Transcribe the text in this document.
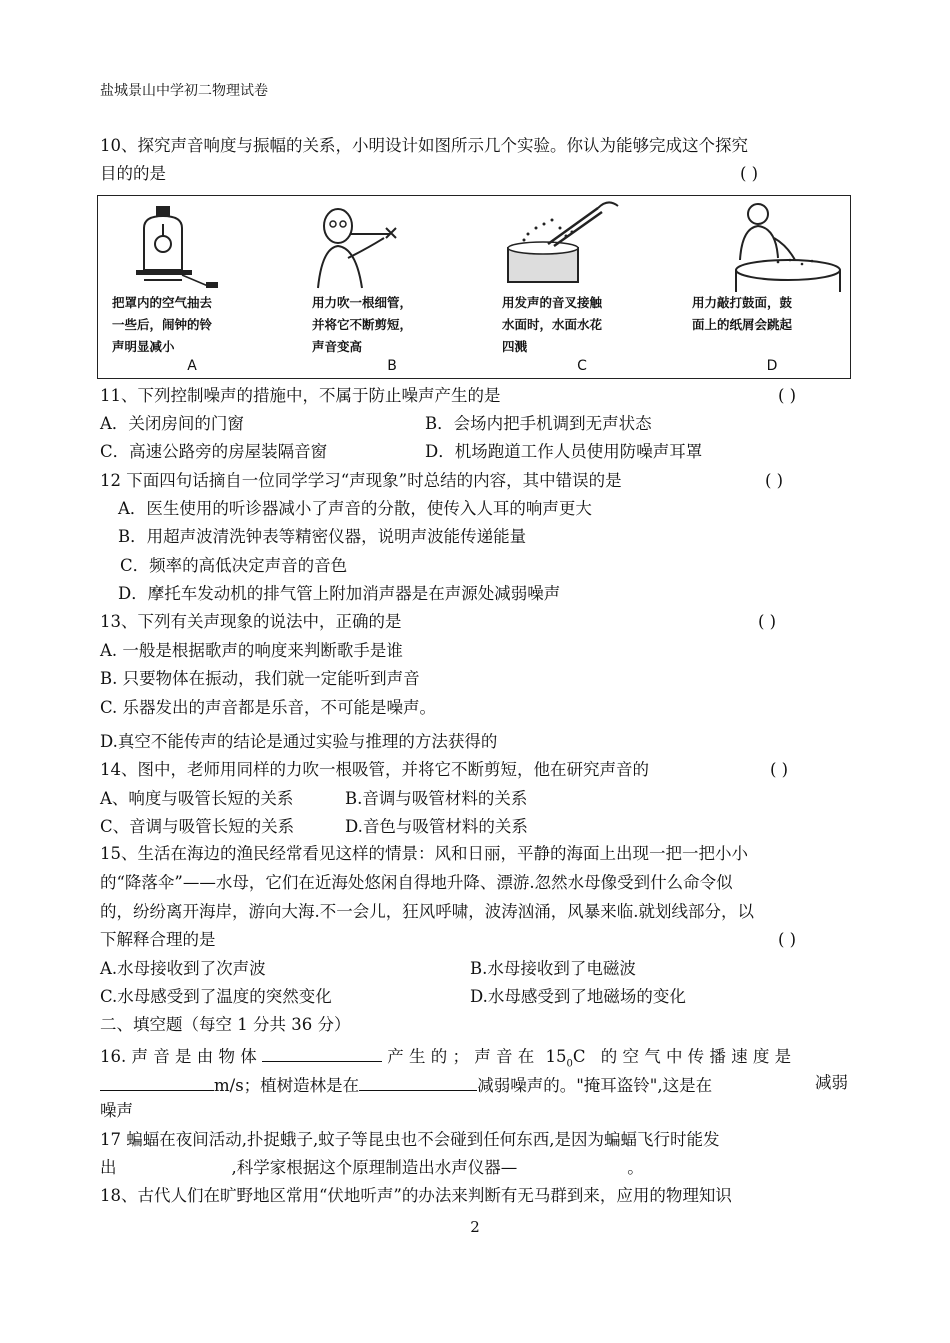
盐城景山中学初二物理试卷
10、探究声音响度与振幅的关系，小明设计如图所示几个实验。你认为能够完成这个探究
目的的是	( )
把罩内的空气抽去
一些后，闹钟的铃
声明显减小
A
用力吹一根细管，
并将它不断剪短，
声音变高
B
用发声的音叉接触
水面时，水面水花
四溅
C
用力敲打鼓面，鼓
面上的纸屑会跳起
D
11、下列控制噪声的措施中，不属于防止噪声产生的是	( )
A．关闭房间的门窗	B．会场内把手机调到无声状态
C．高速公路旁的房屋装隔音窗	D．机场跑道工作人员使用防噪声耳罩
12 下面四句话摘自一位同学学习“声现象”时总结的内容，其中错误的是	( )
A．医生使用的听诊器减小了声音的分散，使传入人耳的响声更大
B．用超声波清洗钟表等精密仪器，说明声波能传递能量
C．频率的高低决定声音的音色
D．摩托车发动机的排气管上附加消声器是在声源处减弱噪声
13、下列有关声现象的说法中，正确的是	( )
A. 一般是根据歌声的响度来判断歌手是谁
B. 只要物体在振动，我们就一定能听到声音
C. 乐器发出的声音都是乐音，不可能是噪声。
D.真空不能传声的结论是通过实验与推理的方法获得的
14、图中，老师用同样的力吹一根吸管，并将它不断剪短，他在研究声音的	( )
A、响度与吸管长短的关系	B.音调与吸管材料的关系
C、音调与吸管长短的关系	D.音色与吸管材料的关系
15、生活在海边的渔民经常看见这样的情景：风和日丽，平静的海面上出现一把一把小小
的“降落伞”——水母，它们在近海处悠闲自得地升降、漂游.忽然水母像受到什么命令似
的，纷纷离开海岸，游向大海.不一会儿，狂风呼啸，波涛汹涌，风暴来临.就划线部分，以
下解释合理的是	( )
A.水母接收到了次声波	B.水母接收到了电磁波
C.水母感受到了温度的突然变化	D.水母感受到了地磁场的变化
二、填空题（每空 1 分共 36 分）
16. 声 音 是 由 物 体	产 生 的 ； 声 音 在 $15_0C$ 的 空 气 中 传 播 速 度 是
m/s；植树造林是在	减弱噪声的。"掩耳盗铃",这是在	减弱
噪声
17 蝙蝠在夜间活动,扑捉蛾子,蚊子等昆虫也不会碰到任何东西,是因为蝙蝠飞行时能发
出	,科学家根据这个原理制造出水声仪器—	。
18、古代人们在旷野地区常用“伏地听声”的办法来判断有无马群到来，应用的物理知识
2
